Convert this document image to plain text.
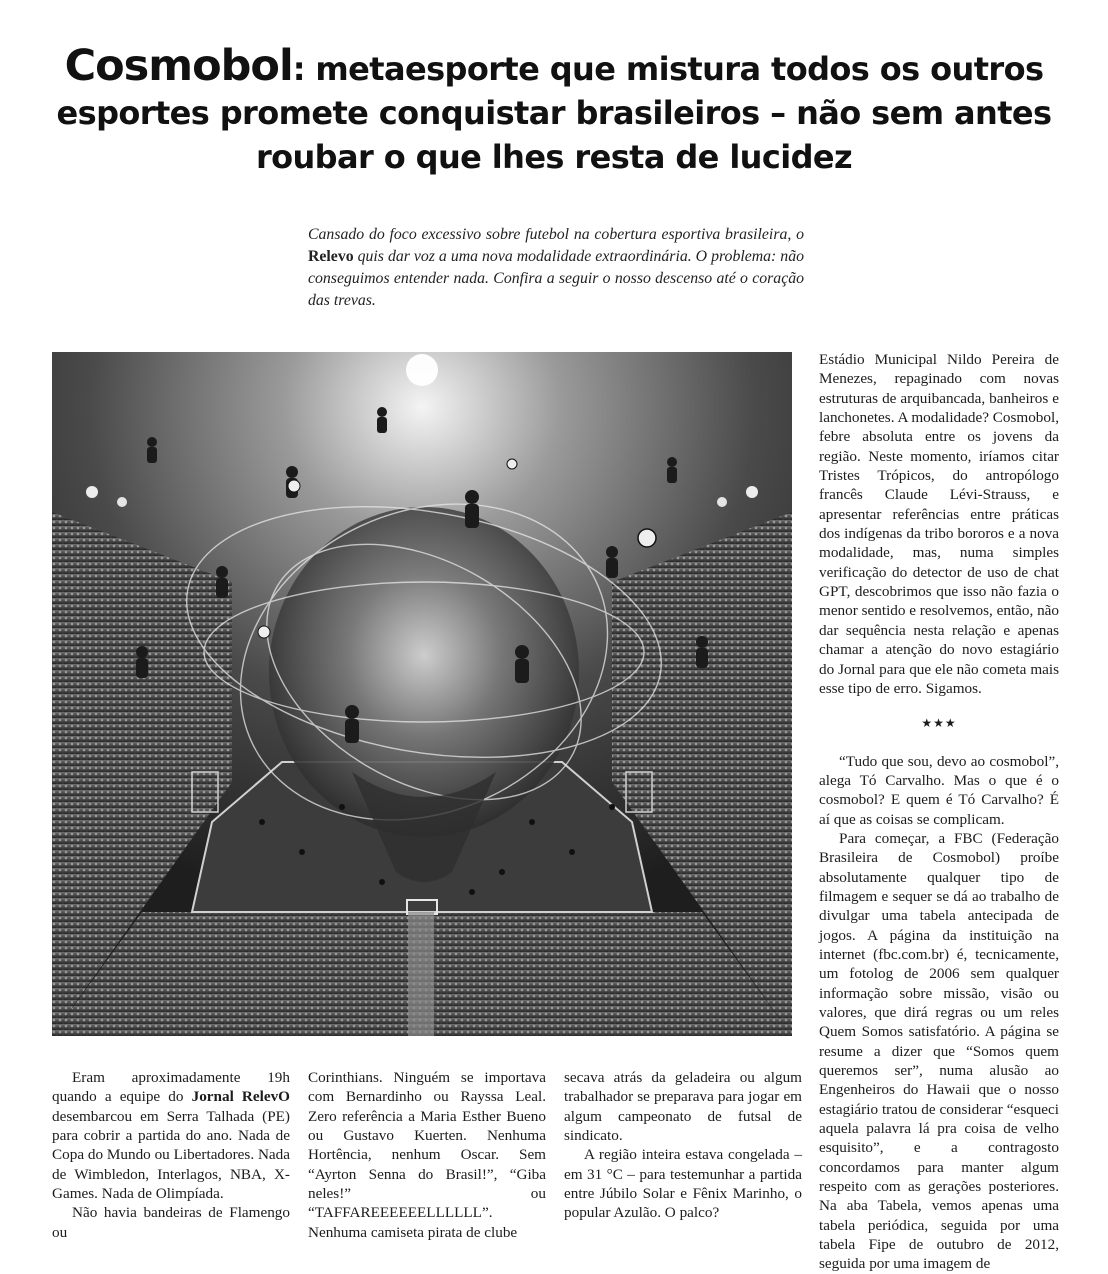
Cosmobol: metaesporte que mistura todos os outros esportes promete conquistar brasileiros – não sem antes roubar o que lhes resta de lucidez

Cansado do foco excessivo sobre futebol na cobertura esportiva brasileira, o Relevo quis dar voz a uma nova modalidade extraordinária. O problema: não conseguimos entender nada. Confira a seguir o nosso descenso até o coração das trevas.

Estádio Municipal Nildo Pereira de Menezes, repaginado com novas estruturas de arquibancada, banheiros e lanchonetes. A modalidade? Cosmobol, febre absoluta entre os jovens da região. Neste momento, iríamos citar Tristes Trópicos, do antropólogo francês Claude Lévi-Strauss, e apresentar referências entre práticas dos indígenas da tribo bororos e a nova modalidade, mas, numa simples verificação do detector de uso de chat GPT, descobrimos que isso não fazia o menor sentido e resolvemos, então, não dar sequência nesta relação e apenas chamar a atenção do novo estagiário do Jornal para que ele não cometa mais esse tipo de erro. Sigamos.

★★★

“Tudo que sou, devo ao cosmobol”, alega Tó Carvalho. Mas o que é o cosmobol? E quem é Tó Carvalho? É aí que as coisas se complicam.

Para começar, a FBC (Federação Brasileira de Cosmobol) proíbe absolutamente qualquer tipo de filmagem e sequer se dá ao trabalho de divulgar uma tabela antecipada de jogos. A página da instituição na internet (fbc.com.br) é, tecnicamente, um fotolog de 2006 sem qualquer informação sobre missão, visão ou valores, que dirá regras ou um reles Quem Somos satisfatório. A página se resume a dizer que “Somos quem queremos ser”, numa alusão ao Engenheiros do Hawaii que o nosso estagiário tratou de considerar “esqueci aquela palavra lá pra coisa de velho esquisito”, e a contragosto concordamos para manter algum respeito com as gerações posteriores. Na aba Tabela, vemos apenas uma tabela periódica, seguida por uma tabela Fipe de outubro de 2012, seguida por uma imagem de

Eram aproximadamente 19h quando a equipe do Jornal RelevO desembarcou em Serra Talhada (PE) para cobrir a partida do ano. Nada de Copa do Mundo ou Libertadores. Nada de Wimbledon, Interlagos, NBA, X-Games. Nada de Olimpíada.

Não havia bandeiras de Flamengo ou

Corinthians. Ninguém se importava com Bernardinho ou Rayssa Leal. Zero referência a Maria Esther Bueno ou Gustavo Kuerten. Nenhuma Hortência, nenhum Oscar. Sem “Ayrton Senna do Brasil!”, “Giba neles!” ou “TAFFAREEEEEELLLLLL”. Nenhuma camiseta pirata de clube

secava atrás da geladeira ou algum trabalhador se preparava para jogar em algum campeonato de futsal de sindicato.

A região inteira estava congelada – em 31 °C – para testemunhar a partida entre Júbilo Solar e Fênix Marinho, o popular Azulão. O palco?
